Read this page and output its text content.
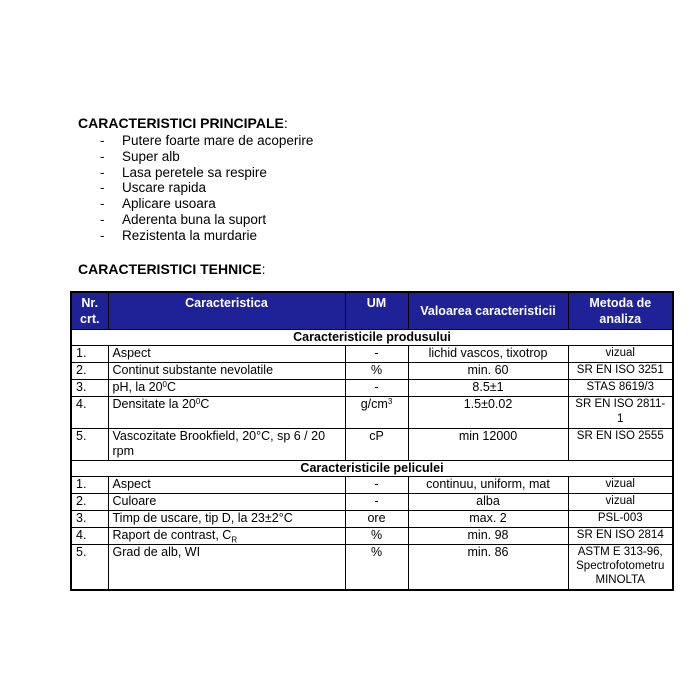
CARACTERISTICI PRINCIPALE:

- Putere foarte mare de acoperire
- Super alb
- Lasa peretele sa respire
- Uscare rapida
- Aplicare usoara
- Aderenta buna la suport
- Rezistenta la murdarie

CARACTERISTICI TEHNICE:

Nr. crt.	Caracteristica	UM	Valoarea caracteristicii	Metoda de analiza
Caracteristicile produsului				
1.	Aspect	-	lichid vascos, tixotrop	vizual
2.	Continut substante nevolatile	%	min. 60	SR EN ISO 3251
3.	pH, la $20^0C$	-	8.5±1	STAS 8619/3
4.	Densitate la $20^0C$	$g/cm^3$	1.5±0.02	SR EN ISO 2811-1
5.	Vascozitate Brookfield, 20°C, sp 6 / 20 rpm	cP	min 12000	SR EN ISO 2555
Caracteristicile peliculei				
1.	Aspect	-	continuu, uniform, mat	vizual
2.	Culoare	-	alba	vizual
3.	Timp de uscare, tip D, la 23±2°C	ore	max. 2	PSL-003
4.	Raport de contrast, $C_R$	%	min. 98	SR EN ISO 2814
5.	Grad de alb, WI	%	min. 86	ASTM E 313-96, Spectrofotometru MINOLTA
